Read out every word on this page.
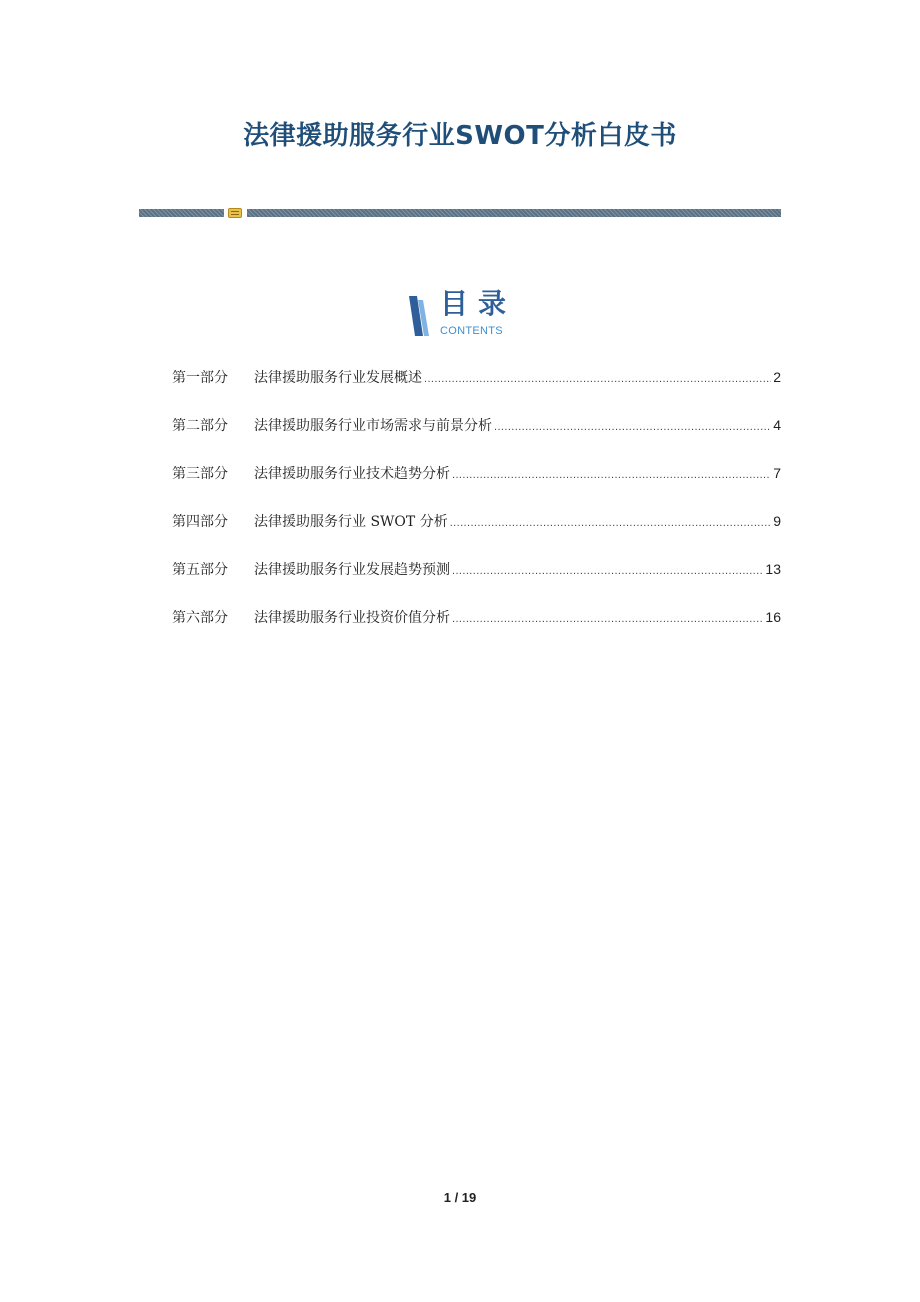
法律援助服务行业SWOT分析白皮书
目录
CONTENTS
第一部分	法律援助服务行业发展概述 .....	2
第二部分	法律援助服务行业市场需求与前景分析 .....	4
第三部分	法律援助服务行业技术趋势分析 .....	7
第四部分	法律援助服务行业 SWOT 分析 .....	9
第五部分	法律援助服务行业发展趋势预测 .....	13
第六部分	法律援助服务行业投资价值分析 .....	16
1 / 19
